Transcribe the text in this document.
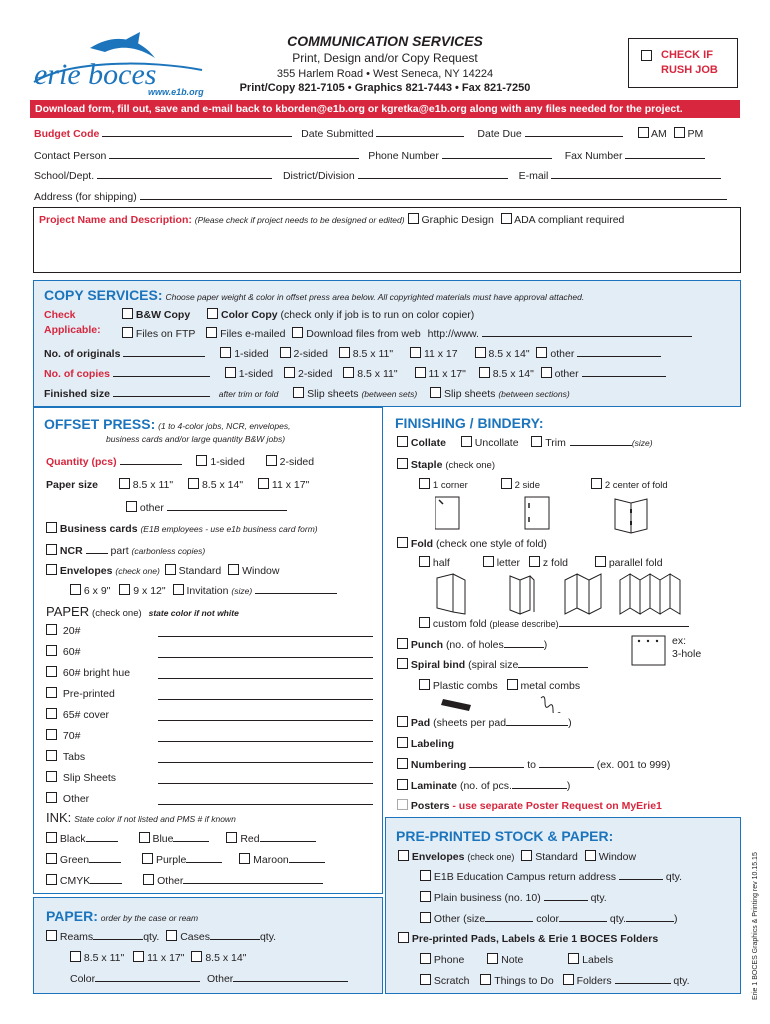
erie boces
www.e1b.org
COMMUNICATION SERVICES
Print, Design and/or Copy Request
355 Harlem Road • West Seneca, NY 14224
Print/Copy 821-7105 • Graphics 821-7443 • Fax 821-7250
CHECK IF
RUSH JOB
Download form, fill out, save and e-mail back to kborden@e1b.org or kgretka@e1b.org along with any files needed for the project.
Budget Code	Date Submitted	Date Due	AM PM
Contact Person	Phone Number	Fax Number
School/Dept.	District/Division	E-mail
Address (for shipping)
Project Name and Description: (Please check if project needs to be designed or edited) Graphic Design ADA compliant required
COPY SERVICES: Choose paper weight & color in offset press area below. All copyrighted materials must have approval attached.
Check
Applicable:
B&W Copy	Color Copy (check only if job is to run on color copier)
Files on FTP Files e-mailed Download files from web http://www.
No. of originals	1-sided 2-sided 8.5 x 11"	11 x 17	8.5 x 14" other
No. of copies	1-sided 2-sided 8.5 x 11"	11 x 17"	8.5 x 14" other
Finished size	after trim or fold	Slip sheets (between sets)	Slip sheets (between sections)
OFFSET PRESS: (1 to 4-color jobs, NCR, envelopes,
business cards and/or large quantity B&W jobs)
Quantity (pcs)	1-sided	2-sided
Paper size	8.5 x 11"	8.5 x 14"	11 x 17"
other
Business cards (E1B employees - use e1b business card form)
NCR	part (carbonless copies)
Envelopes (check one) Standard Window
6 x 9" 9 x 12" Invitation (size)
PAPER (check one) state color if not white
20#
60#
60# bright hue
Pre-printed
65# cover
70#
Tabs
Slip Sheets
Other
INK: State color if not listed and PMS # if known
Black	Blue	Red
Green	Purple	Maroon
CMYK	Other
PAPER: order by the case or ream
Reams	qty. Cases	qty.
8.5 x 11" 11 x 17" 8.5 x 14"
Color	Other
FINISHING / BINDERY:
Collate	Uncollate	Trim	(size)
Staple (check one)
1 corner	2 side	2 center of fold
Fold (check one style of fold)
half	letter z fold	parallel fold
custom fold (please describe)
Punch (no. of holes	)	ex:
3-hole
Spiral bind (spiral size
Plastic combs metal combs
Pad (sheets per pad	)
Labeling
Numbering	to	(ex. 001 to 999)
Laminate (no. of pcs.	)
Posters - use separate Poster Request on MyErie1
PRE-PRINTED STOCK & PAPER:
Envelopes (check one) Standard Window
E1B Education Campus return address	qty.
Plain business (no. 10)	qty.
Other (size	color	qty.	)
Pre-printed Pads, Labels & Erie 1 BOCES Folders
Phone	Note	Labels
Scratch Things to Do Folders	qty.	Erie 1 BOCES Graphics & Printing rev 10.15.15
